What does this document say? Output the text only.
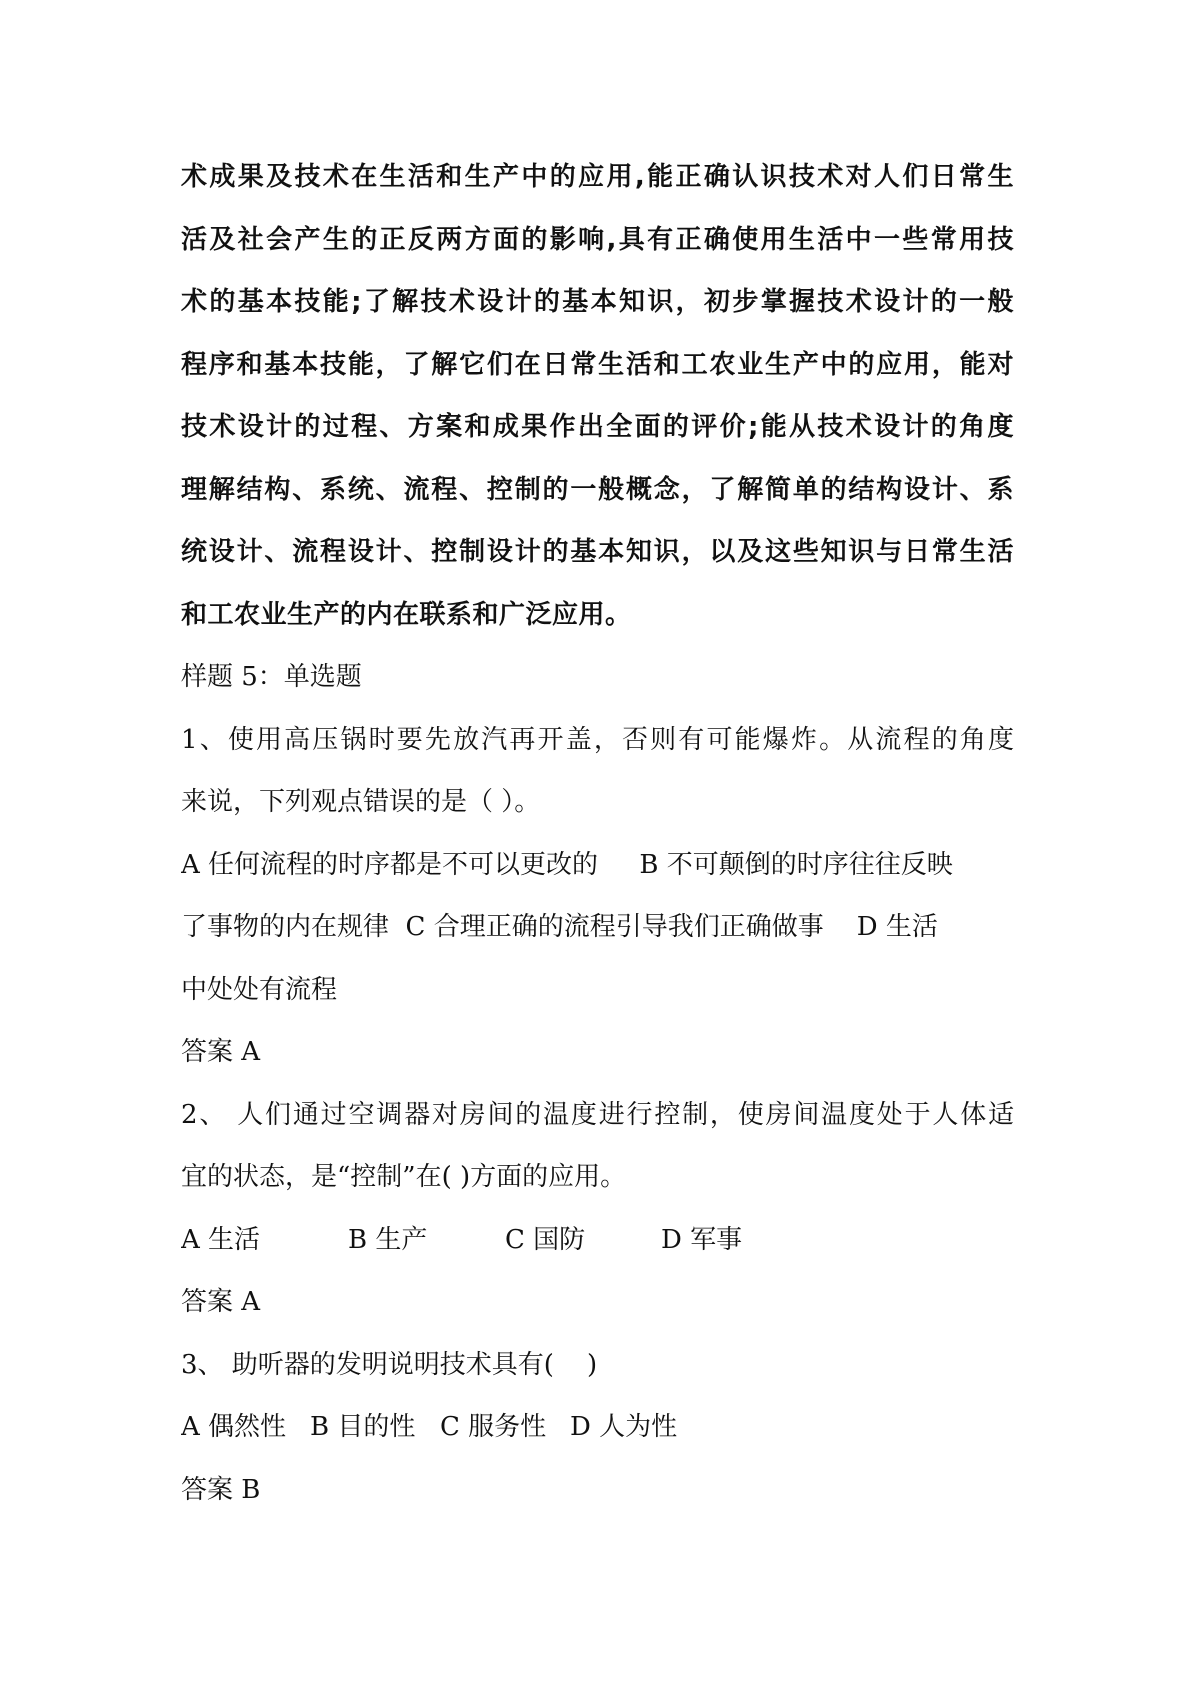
术成果及技术在生活和生产中的应用,能正确认识技术对人们日常生
活及社会产生的正反两方面的影响,具有正确使用生活中一些常用技
术的基本技能;了解技术设计的基本知识，初步掌握技术设计的一般
程序和基本技能，了解它们在日常生活和工农业生产中的应用，能对
技术设计的过程、方案和成果作出全面的评价;能从技术设计的角度
理解结构、系统、流程、控制的一般概念，了解简单的结构设计、系
统设计、流程设计、控制设计的基本知识，以及这些知识与日常生活
和工农业生产的内在联系和广泛应用。
样题 5：单选题
1、使用高压锅时要先放汽再开盖，否则有可能爆炸。从流程的角度
来说，下列观点错误的是（ ）。
A 任何流程的时序都是不可以更改的     B 不可颠倒的时序往往反映
了事物的内在规律  C 合理正确的流程引导我们正确做事    D 生活
中处处有流程
答案 A
2、 人们通过空调器对房间的温度进行控制，使房间温度处于人体适
宜的状态，是“控制”在( )方面的应用。
A 生活	B 生产	C 国防	D 军事
答案 A
3、 助听器的发明说明技术具有(    )
A 偶然性 B 目的性 C 服务性 D 人为性
答案 B
